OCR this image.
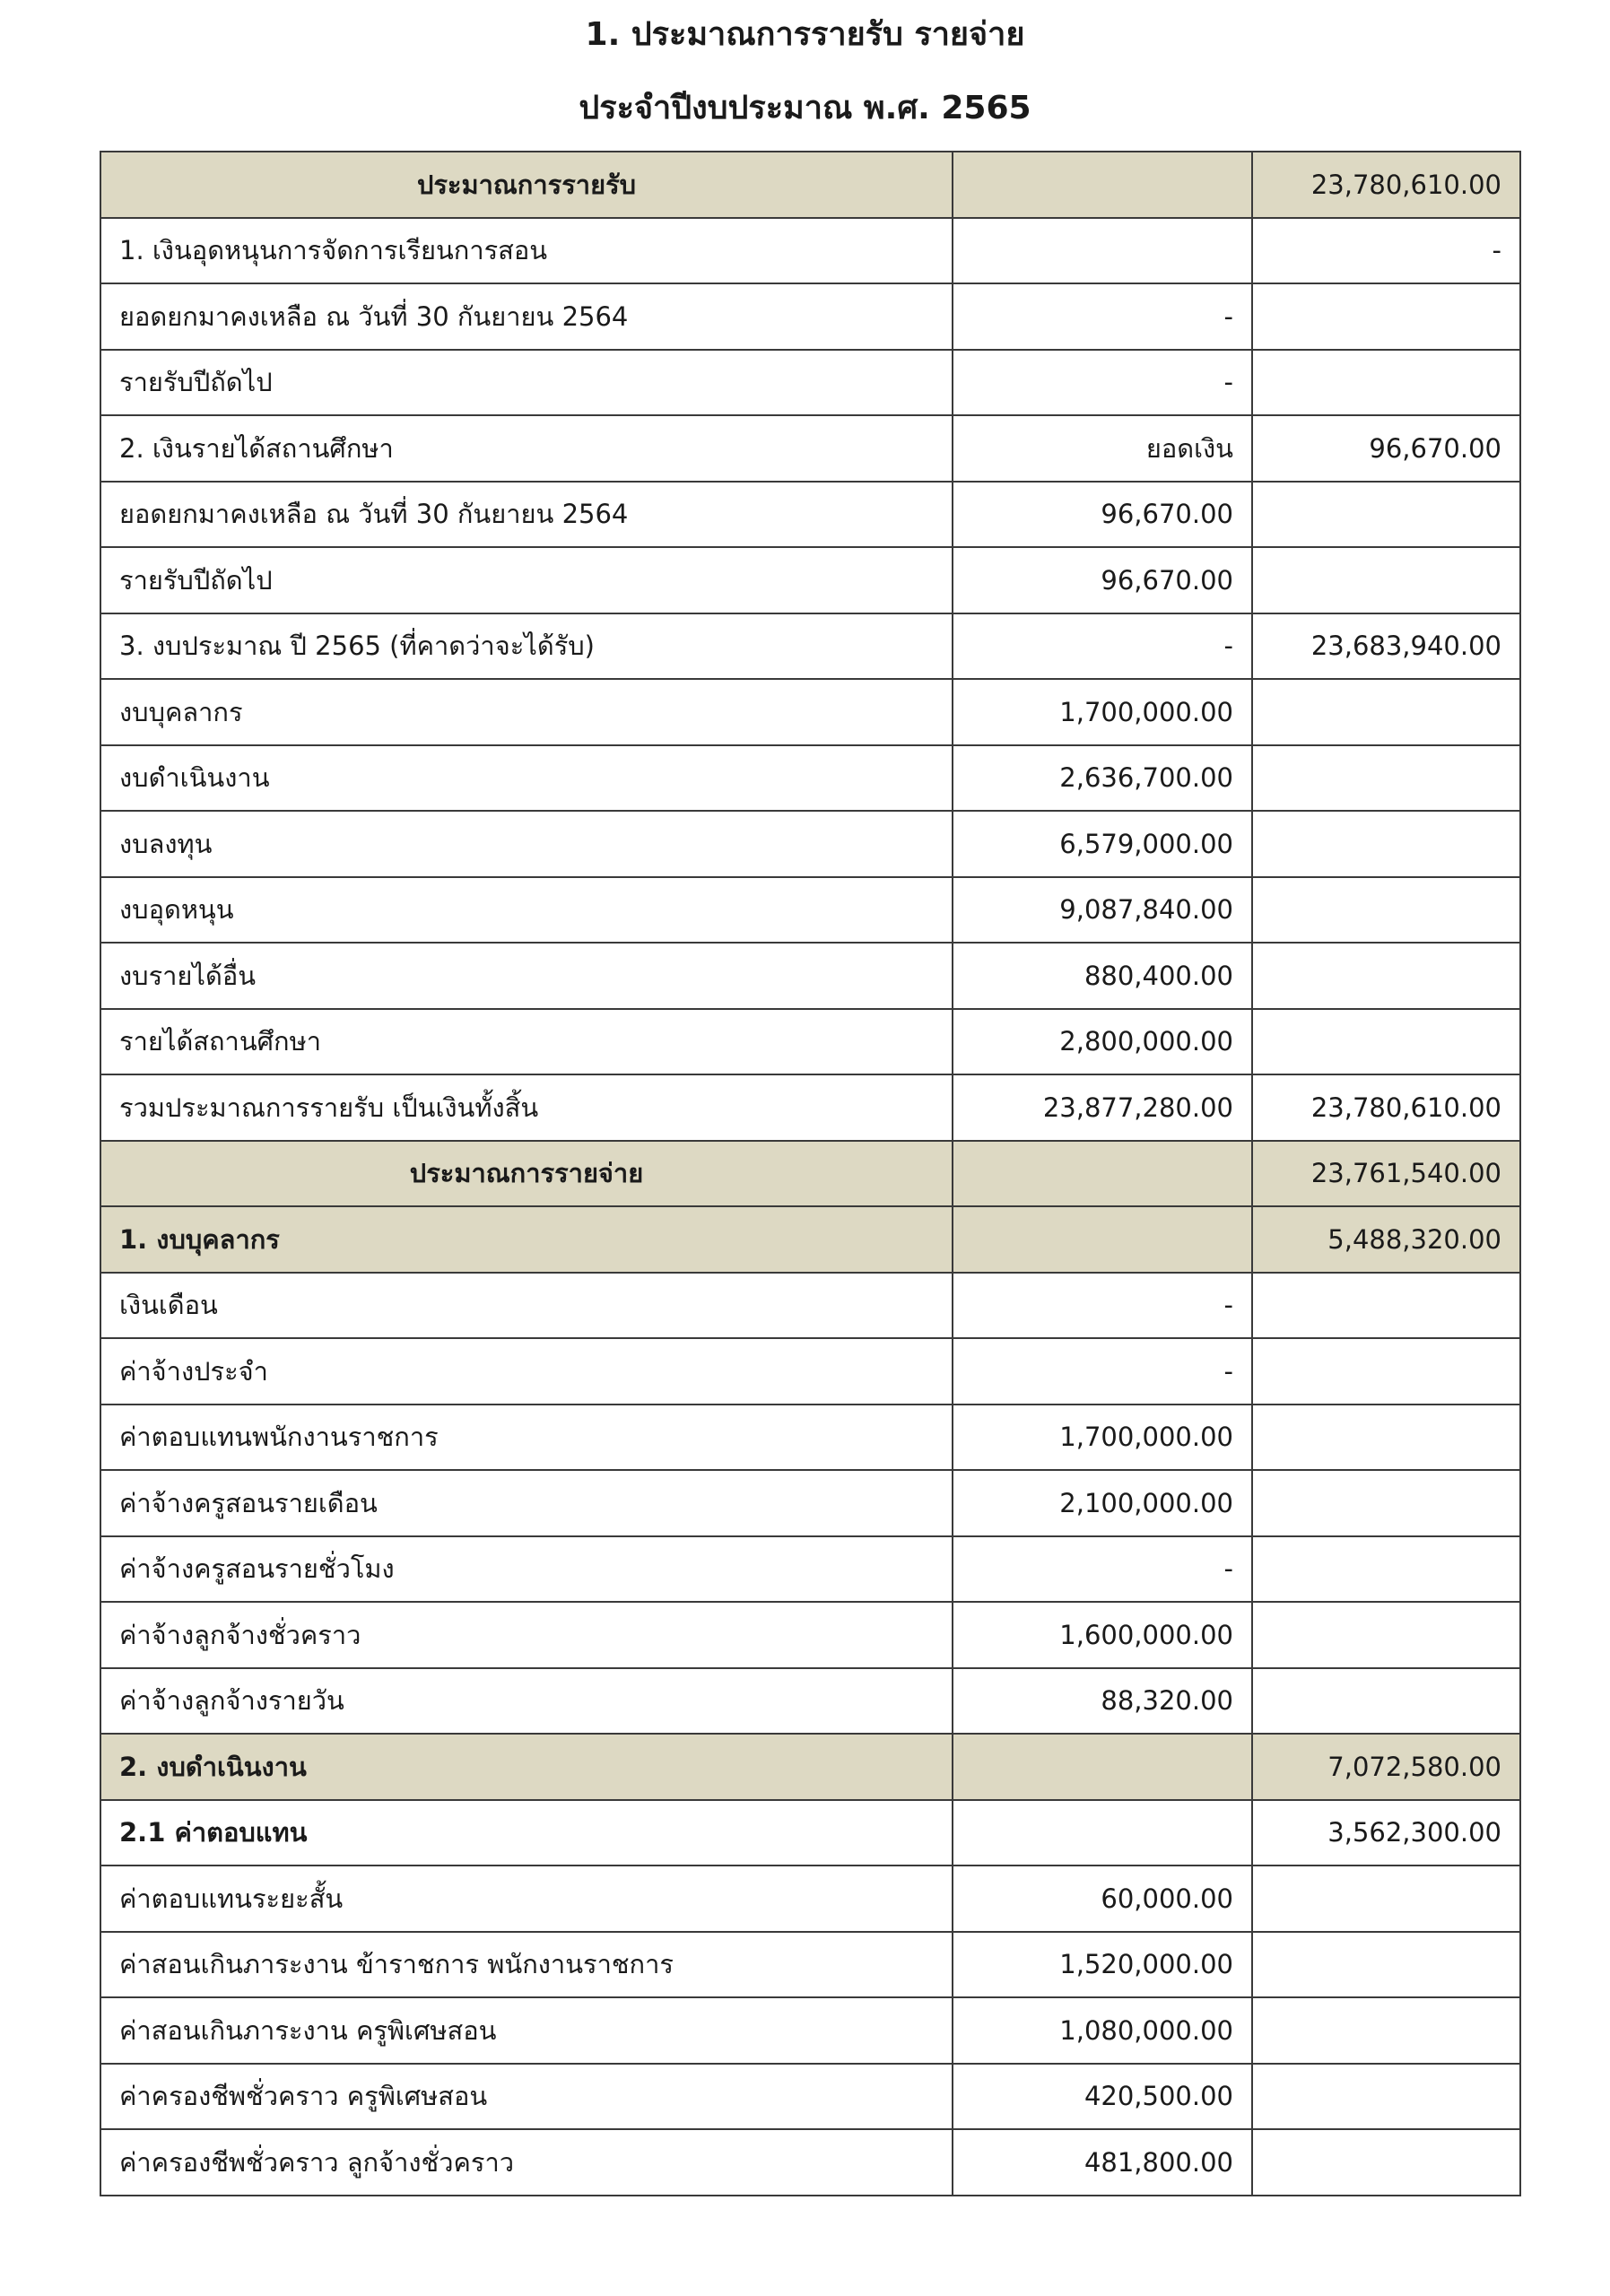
1. ประมาณการรายรับ รายจ่าย
ประจำปีงบประมาณ พ.ศ. 2565
ประมาณการรายรับ		23,780,610.00
1. เงินอุดหนุนการจัดการเรียนการสอน		-
ยอดยกมาคงเหลือ ณ วันที่ 30 กันยายน 2564	-	
รายรับปีถัดไป	-	
2. เงินรายได้สถานศึกษา	ยอดเงิน	96,670.00
ยอดยกมาคงเหลือ ณ วันที่ 30 กันยายน 2564	96,670.00	
รายรับปีถัดไป	96,670.00	
3. งบประมาณ ปี 2565 (ที่คาดว่าจะได้รับ)	-	23,683,940.00
งบบุคลากร	1,700,000.00	
งบดำเนินงาน	2,636,700.00	
งบลงทุน	6,579,000.00	
งบอุดหนุน	9,087,840.00	
งบรายได้อื่น	880,400.00	
รายได้สถานศึกษา	2,800,000.00	
รวมประมาณการรายรับ เป็นเงินทั้งสิ้น	23,877,280.00	23,780,610.00
ประมาณการรายจ่าย		23,761,540.00
1. งบบุคลากร		5,488,320.00
เงินเดือน	-	
ค่าจ้างประจำ	-	
ค่าตอบแทนพนักงานราชการ	1,700,000.00	
ค่าจ้างครูสอนรายเดือน	2,100,000.00	
ค่าจ้างครูสอนรายชั่วโมง	-	
ค่าจ้างลูกจ้างชั่วคราว	1,600,000.00	
ค่าจ้างลูกจ้างรายวัน	88,320.00	
2. งบดำเนินงาน		7,072,580.00
2.1 ค่าตอบแทน		3,562,300.00
ค่าตอบแทนระยะสั้น	60,000.00	
ค่าสอนเกินภาระงาน ข้าราชการ พนักงานราชการ	1,520,000.00	
ค่าสอนเกินภาระงาน ครูพิเศษสอน	1,080,000.00	
ค่าครองชีพชั่วคราว ครูพิเศษสอน	420,500.00	
ค่าครองชีพชั่วคราว ลูกจ้างชั่วคราว	481,800.00	
